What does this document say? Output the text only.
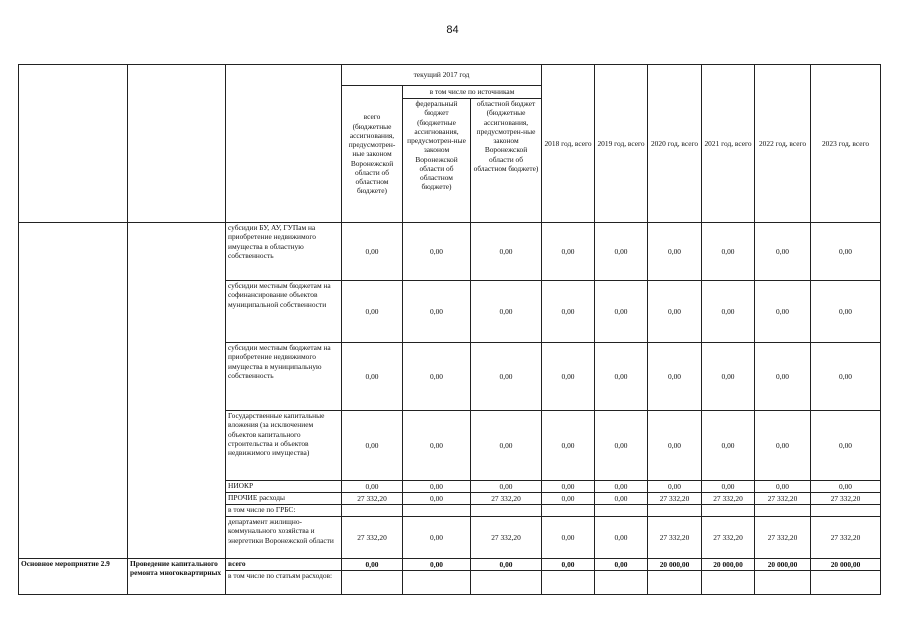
84
			текущий 2017 год			2018 год, всего	2019 год, всего	2020 год, всего	2021 год, всего	2022 год, всего	2023 год, всего
			всего (бюджетные ассигнования, предусмотрен-ные законом Воронежской области об областном бюджете)	в том числе по источникам							
				федеральный бюджет (бюджетные ассигнования, предусмотрен-ные законом Воронежской области об областном бюджете)	областной бюджет (бюджетные ассигнования, предусмотрен-ные законом Воронежской области об областном бюджете)						
		субсидии БУ, АУ, ГУПам на приобретение недвижимого имущества в областную собственность	0,00	0,00	0,00	0,00	0,00	0,00	0,00	0,00	0,00
		субсидии местным бюджетам на софинансирование объектов муниципальной собственности	0,00	0,00	0,00	0,00	0,00	0,00	0,00	0,00	0,00
		субсидии местным бюджетам на приобретение недвижимого имущества в муниципальную собственность	0,00	0,00	0,00	0,00	0,00	0,00	0,00	0,00	0,00
		Государственные капитальные вложения (за исключением объектов капитального строительства и объектов недвижимого имущества)	0,00	0,00	0,00	0,00	0,00	0,00	0,00	0,00	0,00
		НИОКР	0,00	0,00	0,00	0,00	0,00	0,00	0,00	0,00	0,00
		ПРОЧИЕ расходы	27 332,20	0,00	27 332,20	0,00	0,00	27 332,20	27 332,20	27 332,20	27 332,20
		в том числе по ГРБС:									
		департамент жилищно-коммунального хозяйства и энергетики Воронежской области	27 332,20	0,00	27 332,20	0,00	0,00	27 332,20	27 332,20	27 332,20	27 332,20
Основное мероприятие 2.9	Проведение капитального ремонта многоквартирных	всего	0,00	0,00	0,00	0,00	0,00	20 000,00	20 000,00	20 000,00	20 000,00
		в том числе по статьям расходов:									
